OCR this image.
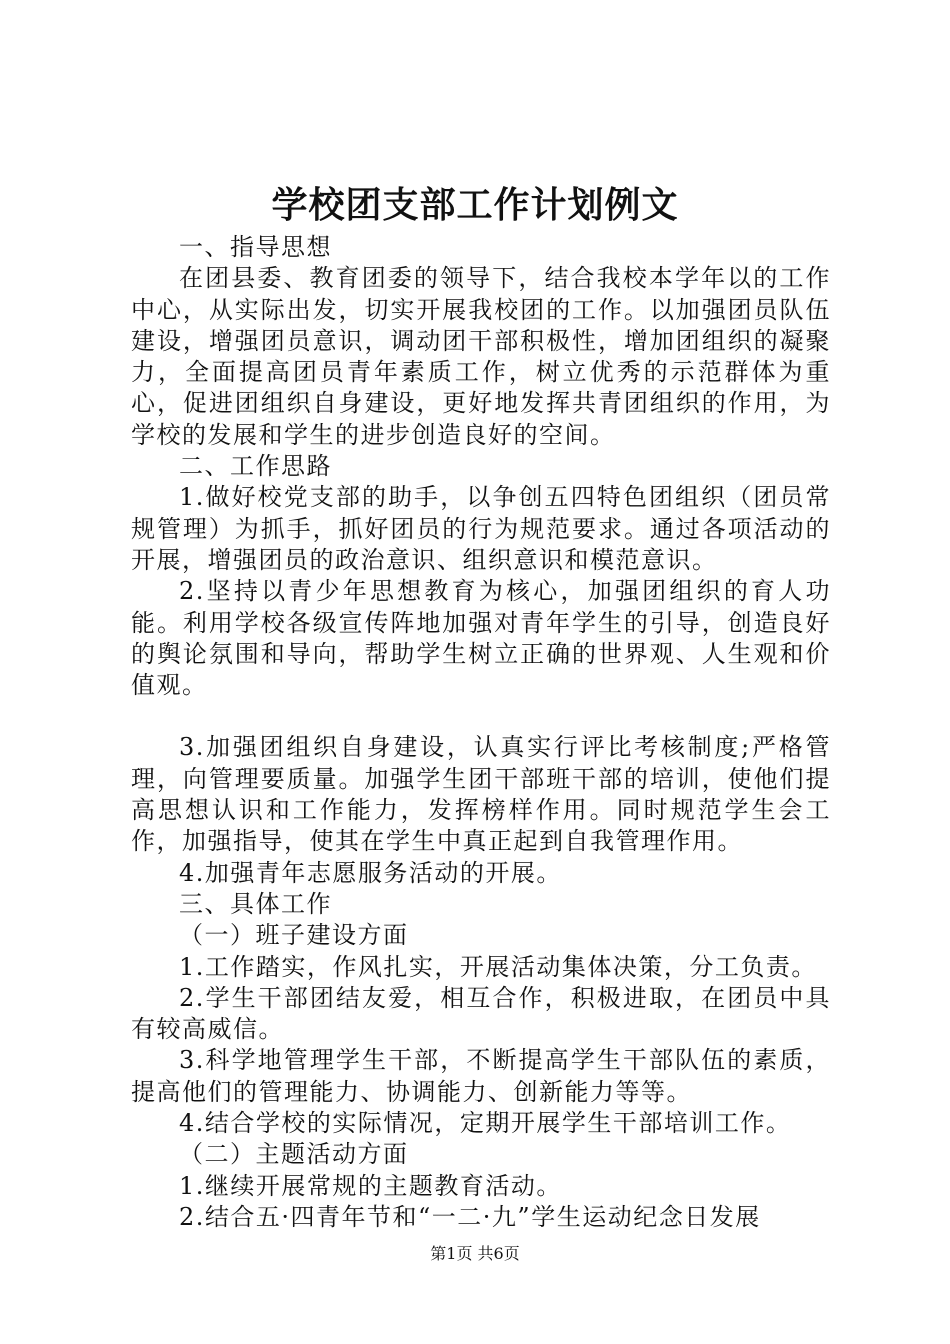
学校团支部工作计划例文

一、指导思想

在团县委、教育团委的领导下，结合我校本学年以的工作中心，从实际出发，切实开展我校团的工作。以加强团员队伍建设，增强团员意识，调动团干部积极性，增加团组织的凝聚力，全面提高团员青年素质工作，树立优秀的示范群体为重心，促进团组织自身建设，更好地发挥共青团组织的作用，为学校的发展和学生的进步创造良好的空间。

二、工作思路

1.做好校党支部的助手，以争创五四特色团组织（团员常规管理）为抓手，抓好团员的行为规范要求。通过各项活动的开展，增强团员的政治意识、组织意识和模范意识。

2.坚持以青少年思想教育为核心，加强团组织的育人功能。利用学校各级宣传阵地加强对青年学生的引导，创造良好的舆论氛围和导向，帮助学生树立正确的世界观、人生观和价值观。

3.加强团组织自身建设，认真实行评比考核制度;严格管理，向管理要质量。加强学生团干部班干部的培训，使他们提高思想认识和工作能力，发挥榜样作用。同时规范学生会工作，加强指导，使其在学生中真正起到自我管理作用。

4.加强青年志愿服务活动的开展。

三、具体工作

（一）班子建设方面

1.工作踏实，作风扎实，开展活动集体决策，分工负责。

2.学生干部团结友爱，相互合作，积极进取，在团员中具有较高威信。

3.科学地管理学生干部，不断提高学生干部队伍的素质，提高他们的管理能力、协调能力、创新能力等等。

4.结合学校的实际情况，定期开展学生干部培训工作。

（二）主题活动方面

1.继续开展常规的主题教育活动。

2.结合五·四青年节和“一二·九”学生运动纪念日发展

第1页 共6页
